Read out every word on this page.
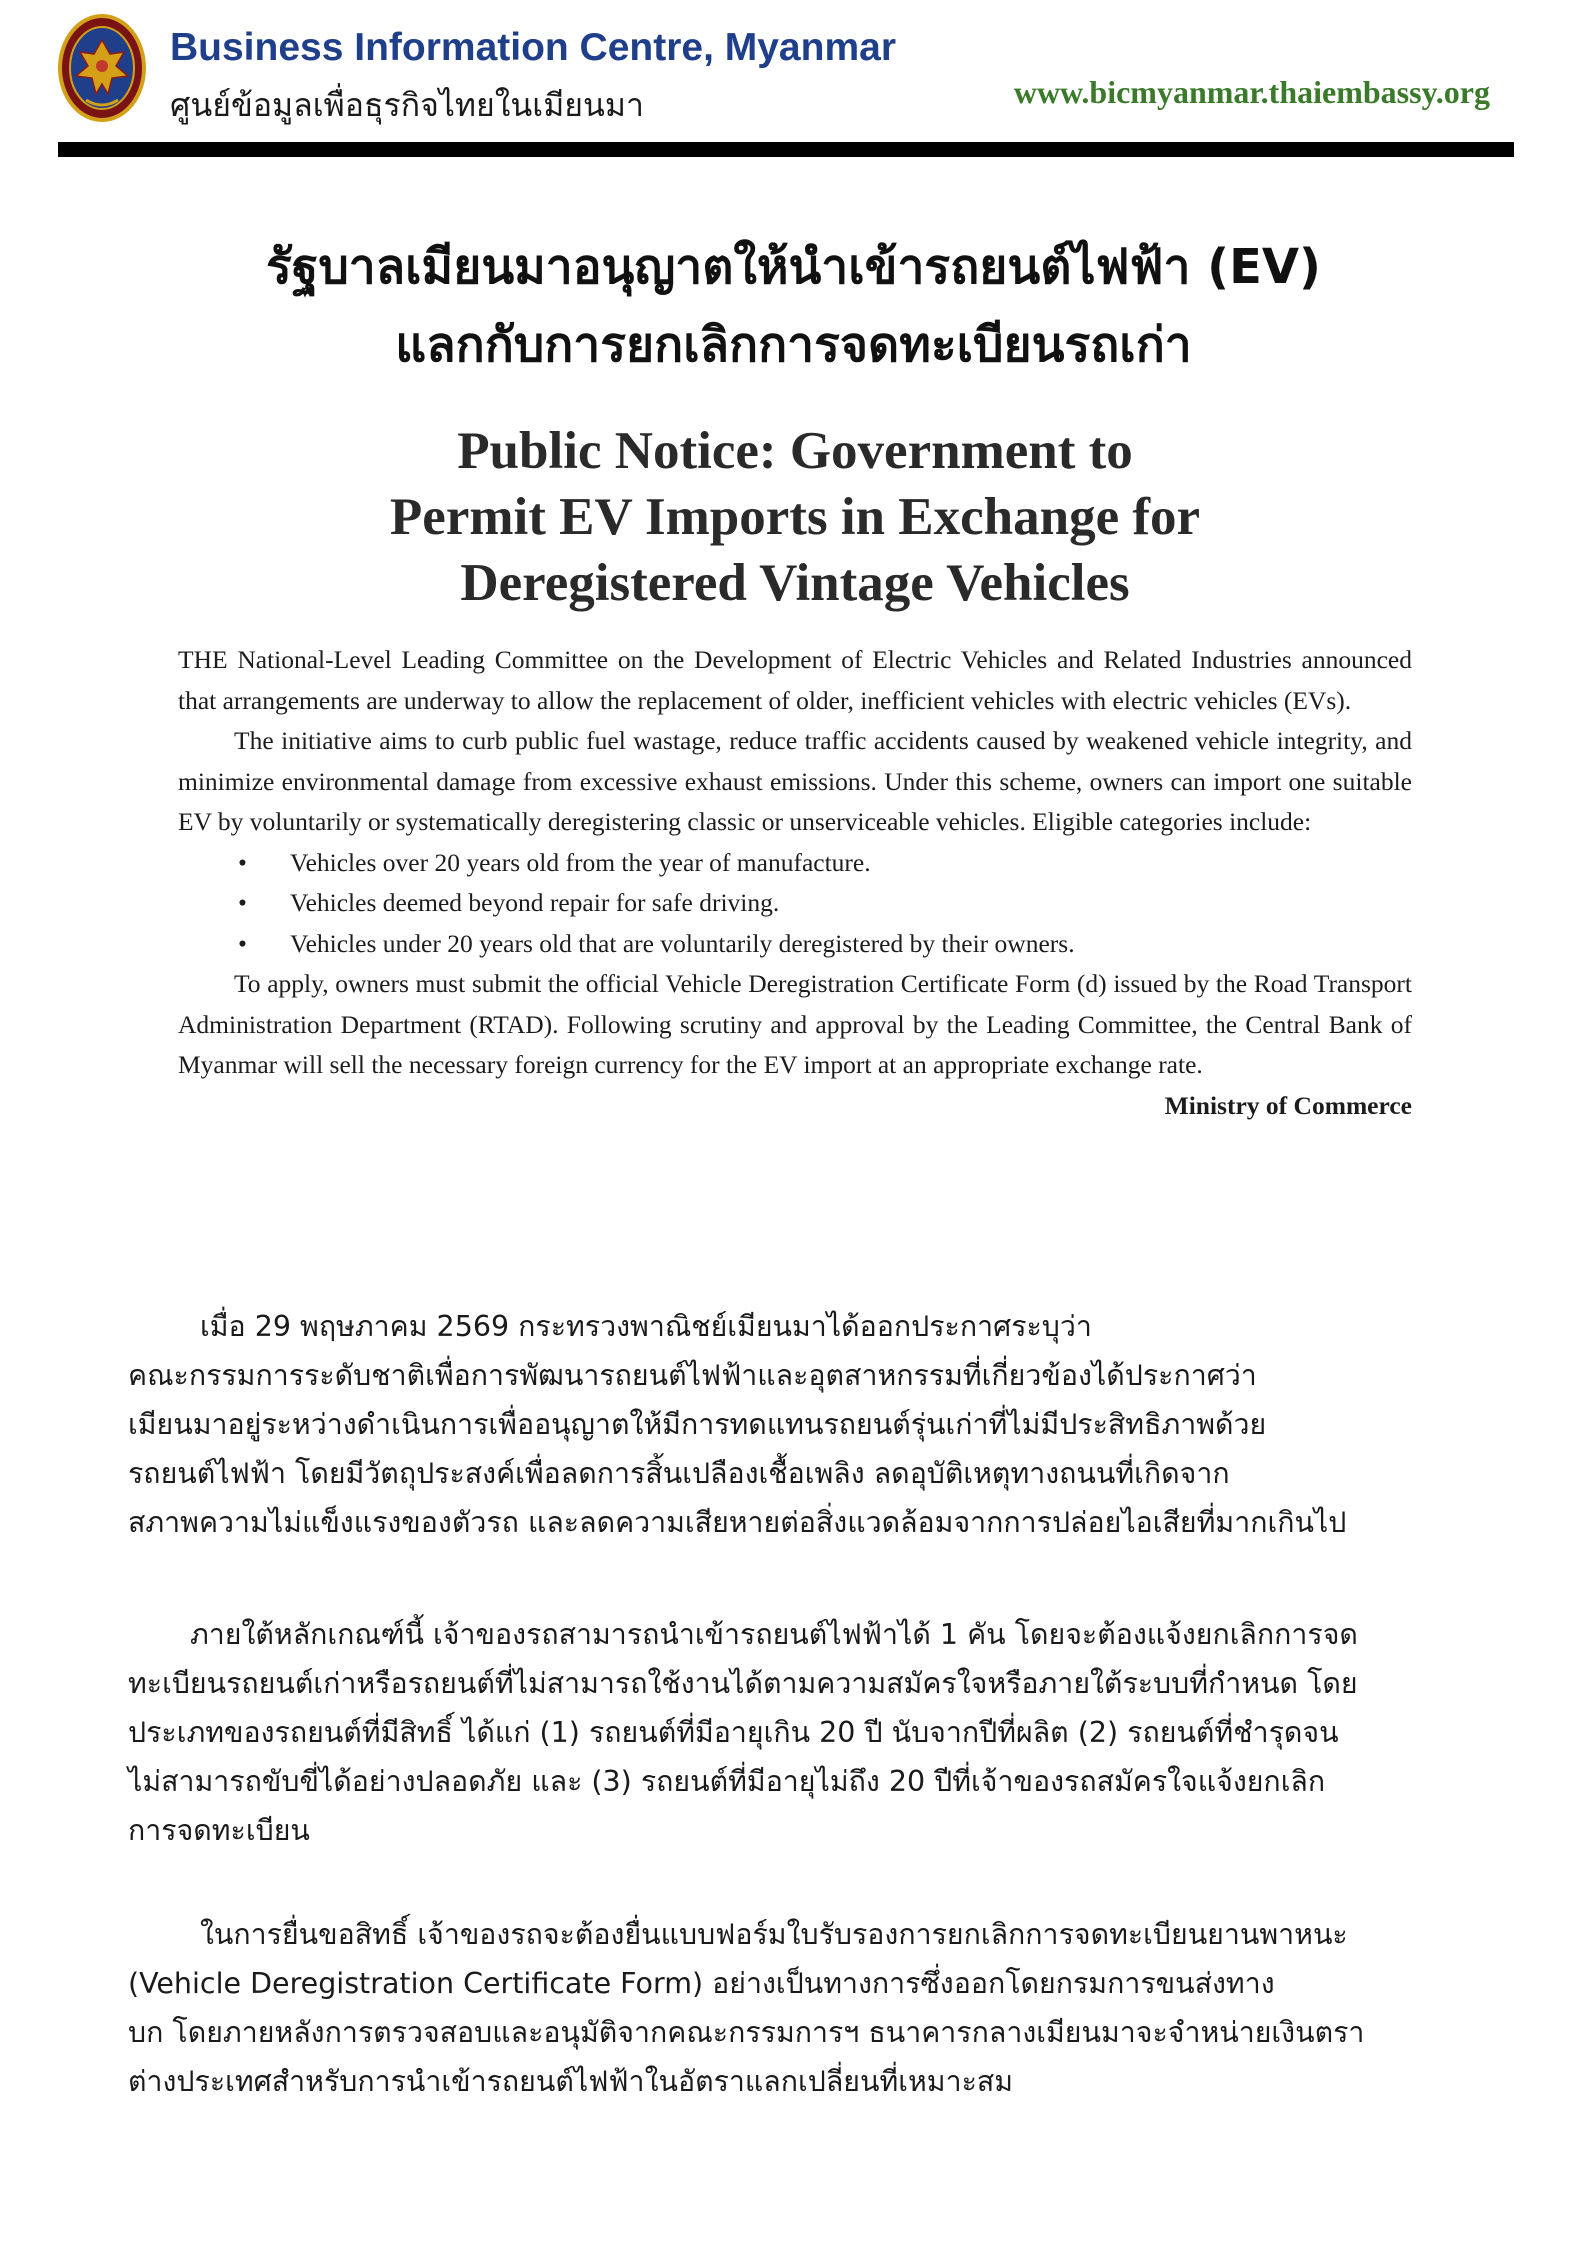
Business Information Centre, Myanmar
ศูนย์ข้อมูลเพื่อธุรกิจไทยในเมียนมา	www.bicmyanmar.thaiembassy.org
รัฐบาลเมียนมาอนุญาตให้นำเข้ารถยนต์ไฟฟ้า (EV)
แลกกับการยกเลิกการจดทะเบียนรถเก่า
Public Notice: Government to
Permit EV Imports in Exchange for
Deregistered Vintage Vehicles

THE National-Level Leading Committee on the Development of Electric Vehicles and Related Industries announced that arrangements are underway to allow the replacement of older, inefficient vehicles with electric vehicles (EVs).

The initiative aims to curb public fuel wastage, reduce traffic accidents caused by weakened vehicle integrity, and minimize environmental damage from excessive exhaust emissions. Under this scheme, owners can import one suitable EV by voluntarily or systematically deregistering classic or unserviceable vehicles. Eligible categories include:

•	Vehicles over 20 years old from the year of manufacture.
•	Vehicles deemed beyond repair for safe driving.
•	Vehicles under 20 years old that are voluntarily deregistered by their owners.

To apply, owners must submit the official Vehicle Deregistration Certificate Form (d) issued by the Road Transport Administration Department (RTAD). Following scrutiny and approval by the Leading Committee, the Central Bank of Myanmar will sell the necessary foreign currency for the EV import at an appropriate exchange rate.

Ministry of Commerce

เมื่อ 29 พฤษภาคม 2569 กระทรวงพาณิชย์เมียนมาได้ออกประกาศระบุว่า
คณะกรรมการระดับชาติเพื่อการพัฒนารถยนต์ไฟฟ้าและอุตสาหกรรมที่เกี่ยวข้องได้ประกาศว่า
เมียนมาอยู่ระหว่างดำเนินการเพื่ออนุญาตให้มีการทดแทนรถยนต์รุ่นเก่าที่ไม่มีประสิทธิภาพด้วย
รถยนต์ไฟฟ้า โดยมีวัตถุประสงค์เพื่อลดการสิ้นเปลืองเชื้อเพลิง ลดอุบัติเหตุทางถนนที่เกิดจาก
สภาพความไม่แข็งแรงของตัวรถ และลดความเสียหายต่อสิ่งแวดล้อมจากการปล่อยไอเสียที่มากเกินไป
ภายใต้หลักเกณฑ์นี้ เจ้าของรถสามารถนำเข้ารถยนต์ไฟฟ้าได้ 1 คัน โดยจะต้องแจ้งยกเลิกการจด
ทะเบียนรถยนต์เก่าหรือรถยนต์ที่ไม่สามารถใช้งานได้ตามความสมัครใจหรือภายใต้ระบบที่กำหนด โดย
ประเภทของรถยนต์ที่มีสิทธิ์ ได้แก่ (1) รถยนต์ที่มีอายุเกิน 20 ปี นับจากปีที่ผลิต (2) รถยนต์ที่ชำรุดจน
ไม่สามารถขับขี่ได้อย่างปลอดภัย และ (3) รถยนต์ที่มีอายุไม่ถึง 20 ปีที่เจ้าของรถสมัครใจแจ้งยกเลิก
การจดทะเบียน
ในการยื่นขอสิทธิ์ เจ้าของรถจะต้องยื่นแบบฟอร์มใบรับรองการยกเลิกการจดทะเบียนยานพาหนะ
(Vehicle Deregistration Certificate Form) อย่างเป็นทางการซึ่งออกโดยกรมการขนส่งทาง
บก โดยภายหลังการตรวจสอบและอนุมัติจากคณะกรรมการฯ ธนาคารกลางเมียนมาจะจำหน่ายเงินตรา
ต่างประเทศสำหรับการนำเข้ารถยนต์ไฟฟ้าในอัตราแลกเปลี่ยนที่เหมาะสม
